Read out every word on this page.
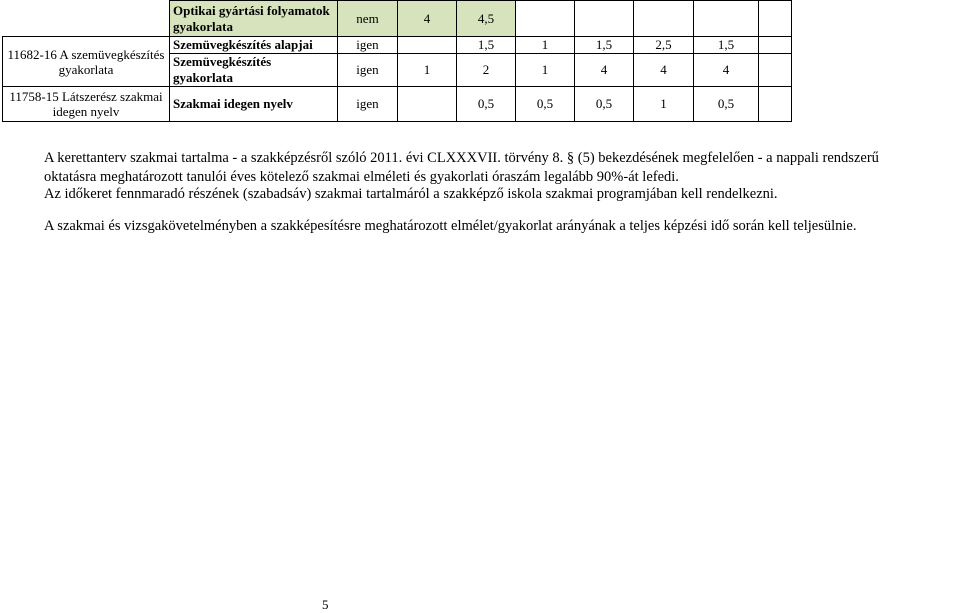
	Optikai gyártási folyamatok gyakorlata	nem	4	4,5					
11682-16 A szemüvegkészítés gyakorlata	Szemüvegkészítés alapjai	igen		1,5	1	1,5	2,5	1,5	
	Szemüvegkészítés gyakorlata	igen	1	2	1	4	4	4	
11758-15 Látszerész szakmai idegen nyelv	Szakmai idegen nyelv	igen		0,5	0,5	0,5	1	0,5	
A kerettanterv szakmai tartalma - a szakképzésről szóló 2011. évi CLXXXVII. törvény 8. § (5) bekezdésének megfelelően - a nappali rendszerű
oktatásra meghatározott tanulói éves kötelező szakmai elméleti és gyakorlati óraszám legalább 90%-át lefedi.
Az időkeret fennmaradó részének (szabadsáv) szakmai tartalmáról a szakképző iskola szakmai programjában kell rendelkezni.
A szakmai és vizsgakövetelményben a szakképesítésre meghatározott elmélet/gyakorlat arányának a teljes képzési idő során kell teljesülnie.
5
